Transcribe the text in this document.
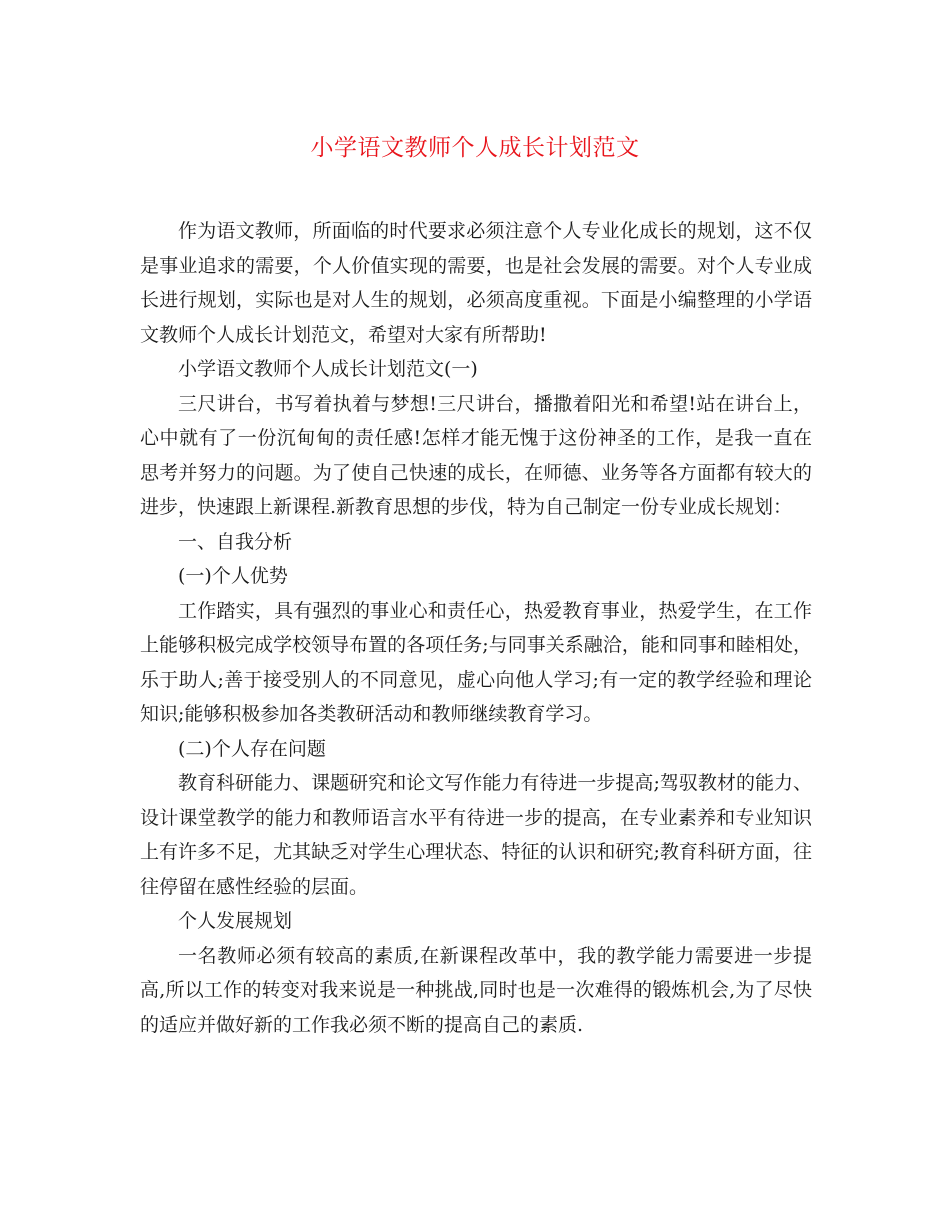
小学语文教师个人成长计划范文

作为语文教师，所面临的时代要求必须注意个人专业化成长的规划，这不仅是事业追求的需要，个人价值实现的需要，也是社会发展的需要。对个人专业成长进行规划，实际也是对人生的规划，必须高度重视。下面是小编整理的小学语文教师个人成长计划范文，希望对大家有所帮助!

小学语文教师个人成长计划范文(一)

三尺讲台，书写着执着与梦想!三尺讲台，播撒着阳光和希望!站在讲台上，心中就有了一份沉甸甸的责任感!怎样才能无愧于这份神圣的工作，是我一直在思考并努力的问题。为了使自己快速的成长，在师德、业务等各方面都有较大的进步，快速跟上新课程.新教育思想的步伐，特为自己制定一份专业成长规划：

一、自我分析

(一)个人优势

工作踏实，具有强烈的事业心和责任心，热爱教育事业，热爱学生，在工作上能够积极完成学校领导布置的各项任务;与同事关系融洽，能和同事和睦相处，乐于助人;善于接受别人的不同意见，虚心向他人学习;有一定的教学经验和理论知识;能够积极参加各类教研活动和教师继续教育学习。

(二)个人存在问题

教育科研能力、课题研究和论文写作能力有待进一步提高;驾驭教材的能力、设计课堂教学的能力和教师语言水平有待进一步的提高，在专业素养和专业知识上有许多不足，尤其缺乏对学生心理状态、特征的认识和研究;教育科研方面，往往停留在感性经验的层面。

个人发展规划

一名教师必须有较高的素质,在新课程改革中，我的教学能力需要进一步提高,所以工作的转变对我来说是一种挑战,同时也是一次难得的锻炼机会,为了尽快的适应并做好新的工作我必须不断的提高自己的素质.
